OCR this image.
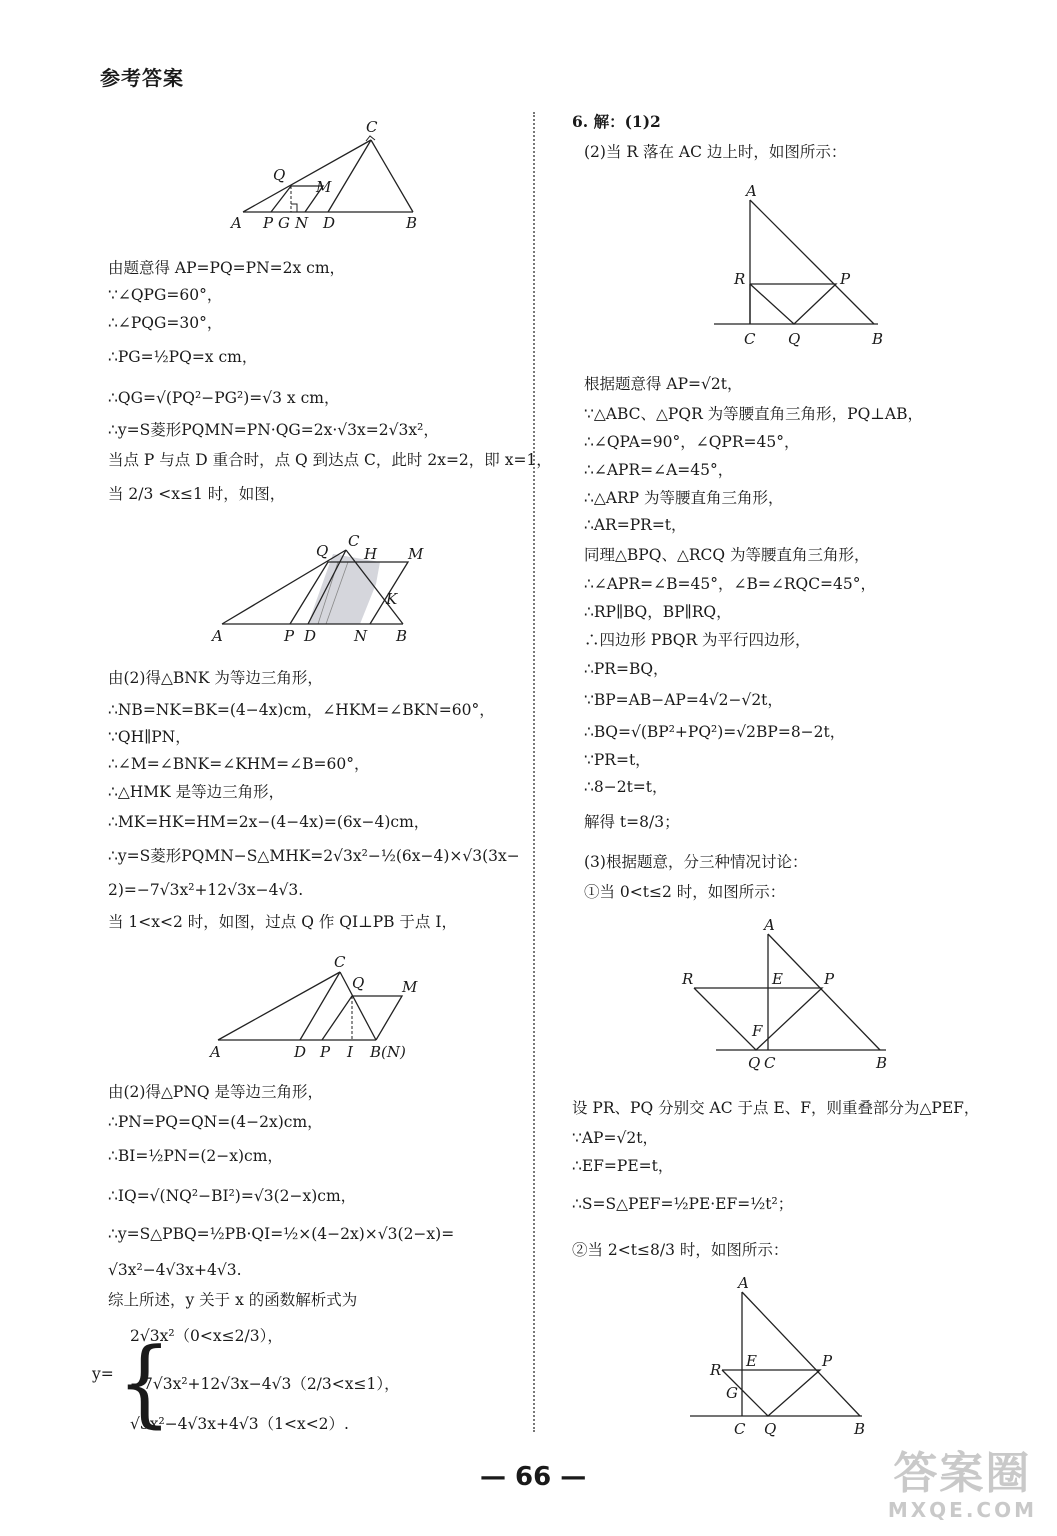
参考答案
A P G N D	B
Q
M
C
由题意得 AP=PQ=PN=2x cm，
∵∠QPG=60°，
∴∠PQG=30°，
∴PG=½PQ=x cm，
∴QG=√(PQ²−PG²)=√3 x cm，
∴y=S菱形PQMN=PN·QG=2x·√3x=2√3x²，
当点 P 与点 D 重合时，点 Q 到达点 C，此时 2x=2，即 x=1，
当 2/3 <x≤1 时，如图，
A	P D	N B
Q
C
H M
K
由(2)得△BNK 为等边三角形，
∴NB=NK=BK=(4−4x)cm，∠HKM=∠BKN=60°，
∵QH∥PN，
∴∠M=∠BNK=∠KHM=∠B=60°，
∴△HMK 是等边三角形，
∴MK=HK=HM=2x−(4−4x)=(6x−4)cm，
∴y=S菱形PQMN−S△MHK=2√3x²−½(6x−4)×√3(3x−
2)=−7√3x²+12√3x−4√3.
当 1<x<2 时，如图，过点 Q 作 QI⊥PB 于点 I，
A	D P I B(N)
C
Q	M
由(2)得△PNQ 是等边三角形，
∴PN=PQ=QN=(4−2x)cm，
∴BI=½PN=(2−x)cm，
∴IQ=√(NQ²−BI²)=√3(2−x)cm，
∴y=S△PBQ=½PB·QI=½×(4−2x)×√3(2−x)=
√3x²−4√3x+4√3.
综上所述，y 关于 x 的函数解析式为
y= {
2√3x²（0<x≤2/3），
−7√3x²+12√3x−4√3（2/3<x≤1），
√3x²−4√3x+4√3（1<x<2）.
6. 解：(1)2
(2)当 R 落在 AC 边上时，如图所示：
A
R	P
C Q	B
根据题意得 AP=√2t，
∵△ABC、△PQR 为等腰直角三角形，PQ⊥AB，
∴∠QPA=90°，∠QPR=45°，
∴∠APR=∠A=45°，
∴△ARP 为等腰直角三角形，
∴AR=PR=t，
同理△BPQ、△RCQ 为等腰直角三角形，
∴∠APR=∠B=45°，∠B=∠RQC=45°，
∴RP∥BQ，BP∥RQ，
∴四边形 PBQR 为平行四边形，
∴PR=BQ，
∵BP=AB−AP=4√2−√2t，
∴BQ=√(BP²+PQ²)=√2BP=8−2t，
∵PR=t，
∴8−2t=t，
解得 t=8/3；
(3)根据题意，分三种情况讨论：
①当 0<t≤2 时，如图所示：
A
R	E	P
F
Q C	B
设 PR、PQ 分别交 AC 于点 E、F，则重叠部分为△PEF，
∵AP=√2t，
∴EF=PE=t，
∴S=S△PEF=½PE·EF=½t²；
②当 2<t≤8/3 时，如图所示：
A
R E	P
G
C Q	B
— 66 —	答案圈
MXQE.COM
